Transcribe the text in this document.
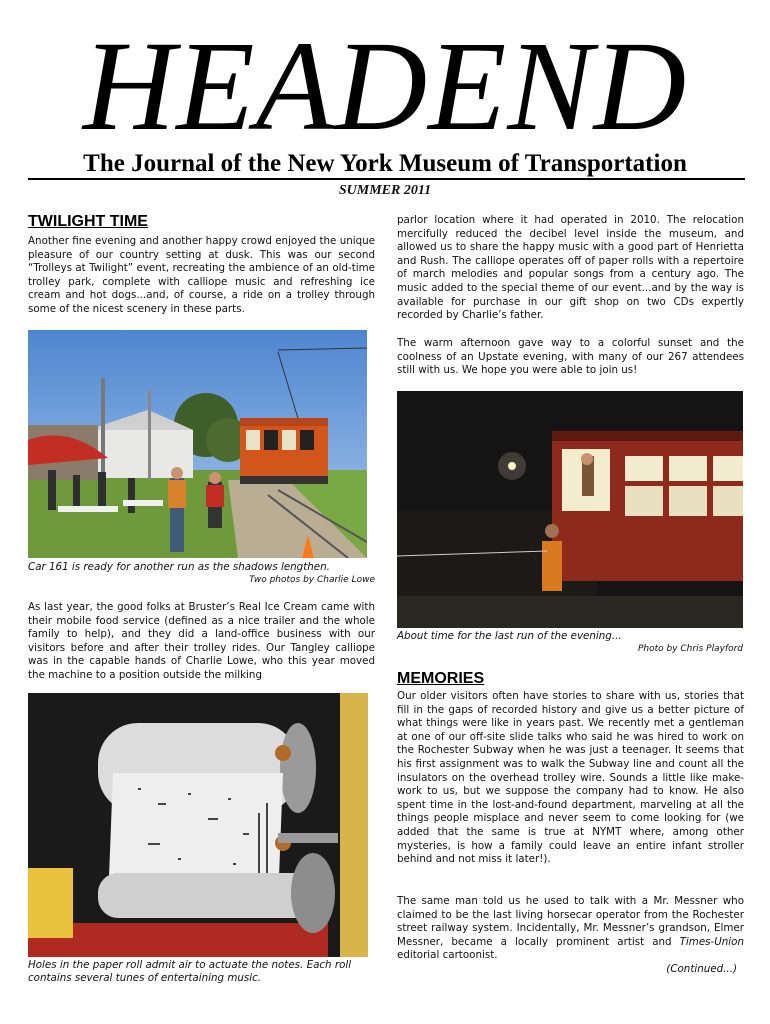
HEADEND
The Journal of the New York Museum of Transportation
SUMMER 2011
TWILIGHT TIME

Another fine evening and another happy crowd enjoyed the unique pleasure of our country setting at dusk. This was our second “Trolleys at Twilight” event, recreating the ambience of an old-time trolley park, complete with calliope music and refreshing ice cream and hot dogs...and, of course, a ride on a trolley through some of the nicest scenery in these parts.

Car 161 is ready for another run as the shadows lengthen.
Two photos by Charlie Lowe

As last year, the good folks at Bruster’s Real Ice Cream came with their mobile food service (defined as a nice trailer and the whole family to help), and they did a land-office business with our visitors before and after their trolley rides. Our Tangley calliope was in the capable hands of Charlie Lowe, who this year moved the machine to a position outside the milking

Holes in the paper roll admit air to actuate the notes. Each roll contains several tunes of entertaining music.

parlor location where it had operated in 2010. The relocation mercifully reduced the decibel level inside the museum, and allowed us to share the happy music with a good part of Henrietta and Rush. The calliope operates off of paper rolls with a repertoire of march melodies and popular songs from a century ago. The music added to the special theme of our event...and by the way is available for purchase in our gift shop on two CDs expertly recorded by Charlie’s father.

The warm afternoon gave way to a colorful sunset and the coolness of an Upstate evening, with many of our 267 attendees still with us. We hope you were able to join us!

About time for the last run of the evening...
Photo by Chris Playford
MEMORIES

Our older visitors often have stories to share with us, stories that fill in the gaps of recorded history and give us a better picture of what things were like in years past. We recently met a gentleman at one of our off-site slide talks who said he was hired to work on the Rochester Subway when he was just a teenager. It seems that his first assignment was to walk the Subway line and count all the insulators on the overhead trolley wire. Sounds a little like make-work to us, but we suppose the company had to know. He also spent time in the lost-and-found department, marveling at all the things people misplace and never seem to come looking for (we added that the same is true at NYMT where, among other mysteries, is how a family could leave an entire infant stroller behind and not miss it later!).

The same man told us he used to talk with a Mr. Messner who claimed to be the last living horsecar operator from the Rochester street railway system. Incidentally, Mr. Messner’s grandson, Elmer Messner, became a locally prominent artist and Times-Union editorial cartoonist.

(Continued...)
